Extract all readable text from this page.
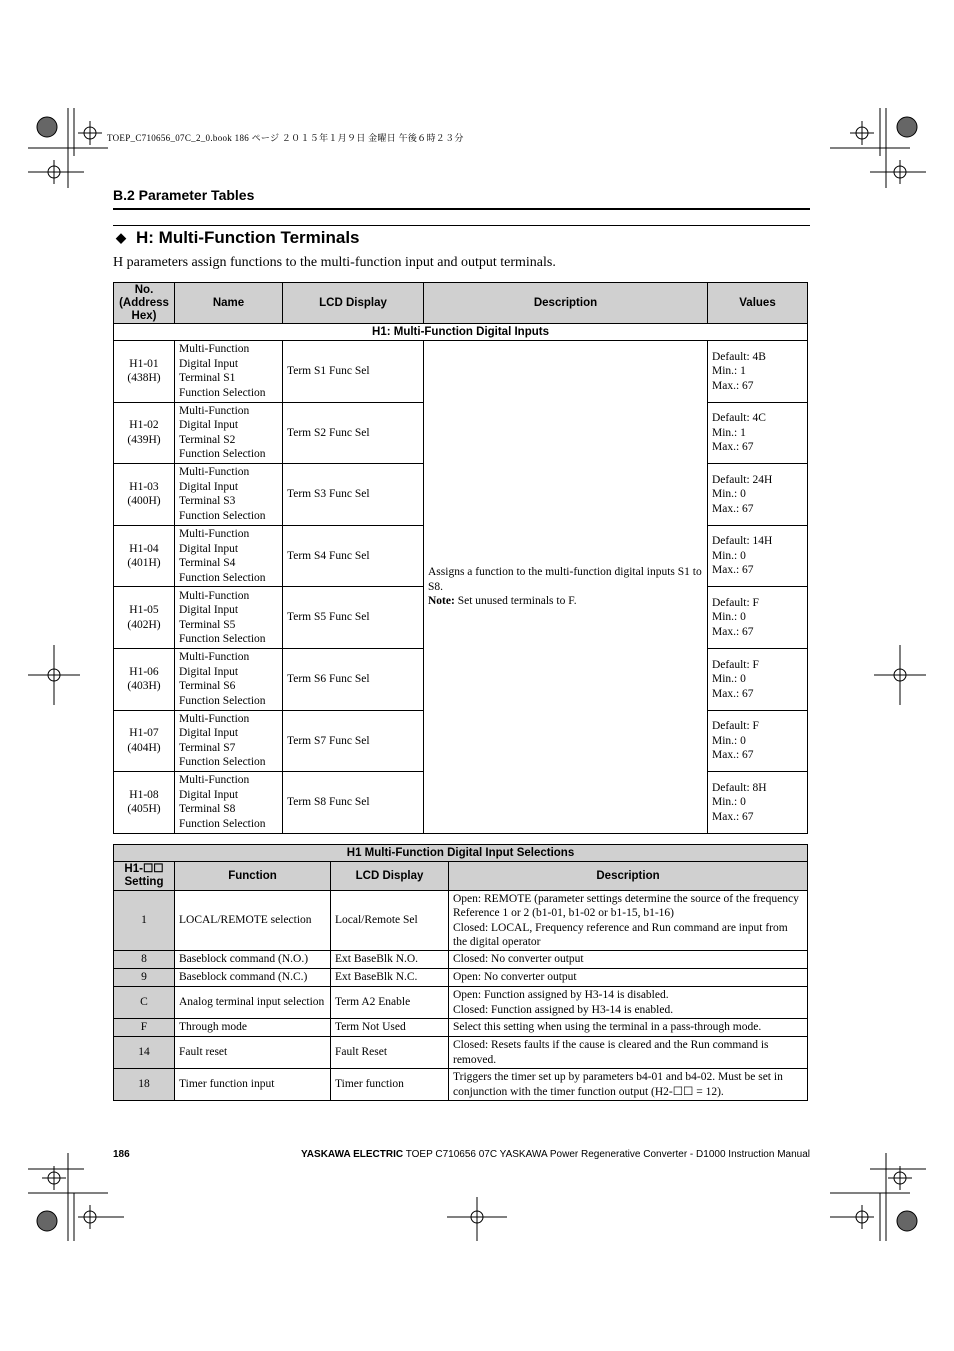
TOEP_C710656_07C_2_0.book 186 ページ ２０１５年１月９日 金曜日 午後６時２３分
B.2 Parameter Tables
◆ H: Multi-Function Terminals
H parameters assign functions to the multi-function input and output terminals.
No.
(Address
Hex)	Name	LCD Display	Description	Values
H1: Multi-Function Digital Inputs				
H1-01
(438H)	Multi-Function
Digital Input
Terminal S1
Function Selection	Term S1 Func Sel	Assigns a function to the multi-function digital inputs S1 to S8.
Note: Set unused terminals to F.	Default: 4B
Min.: 1
Max.: 67
H1-02
(439H)	Multi-Function
Digital Input
Terminal S2
Function Selection	Term S2 Func Sel		Default: 4C
Min.: 1
Max.: 67
H1-03
(400H)	Multi-Function
Digital Input
Terminal S3
Function Selection	Term S3 Func Sel		Default: 24H
Min.: 0
Max.: 67
H1-04
(401H)	Multi-Function
Digital Input
Terminal S4
Function Selection	Term S4 Func Sel		Default: 14H
Min.: 0
Max.: 67
H1-05
(402H)	Multi-Function
Digital Input
Terminal S5
Function Selection	Term S5 Func Sel		Default: F
Min.: 0
Max.: 67
H1-06
(403H)	Multi-Function
Digital Input
Terminal S6
Function Selection	Term S6 Func Sel		Default: F
Min.: 0
Max.: 67
H1-07
(404H)	Multi-Function
Digital Input
Terminal S7
Function Selection	Term S7 Func Sel		Default: F
Min.: 0
Max.: 67
H1-08
(405H)	Multi-Function
Digital Input
Terminal S8
Function Selection	Term S8 Func Sel		Default: 8H
Min.: 0
Max.: 67
H1 Multi-Function Digital Input Selections			
H1-☐☐
Setting	Function	LCD Display	Description
1	LOCAL/REMOTE selection	Local/Remote Sel	Open: REMOTE (parameter settings determine the source of the frequency Reference 1 or 2 (b1-01, b1-02 or b1-15, b1-16)
Closed: LOCAL, Frequency reference and Run command are input from the digital operator
8	Baseblock command (N.O.)	Ext BaseBlk N.O.	Closed: No converter output
9	Baseblock command (N.C.)	Ext BaseBlk N.C.	Open: No converter output
C	Analog terminal input selection	Term A2 Enable	Open: Function assigned by H3-14 is disabled.
Closed: Function assigned by H3-14 is enabled.
F	Through mode	Term Not Used	Select this setting when using the terminal in a pass-through mode.
14	Fault reset	Fault Reset	Closed: Resets faults if the cause is cleared and the Run command is removed.
18	Timer function input	Timer function	Triggers the timer set up by parameters b4-01 and b4-02. Must be set in conjunction with the timer function output (H2-☐☐ = 12).
186	YASKAWA ELECTRIC TOEP C710656 07C YASKAWA Power Regenerative Converter - D1000 Instruction Manual
